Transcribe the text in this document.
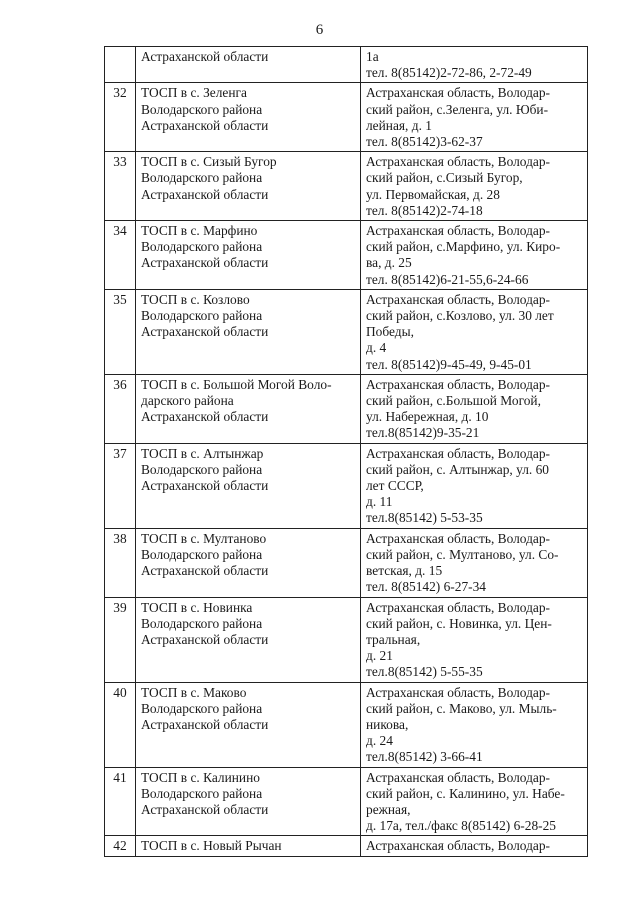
6

	Астраханской области	1а
тел. 8(85142)2-72-86, 2-72-49

32	ТОСП в с. Зеленга
Володарского района
Астраханской области	Астраханская область, Володар-
ский район, с.Зеленга, ул. Юби-
лейная, д. 1
тел. 8(85142)3-62-37

33	ТОСП в с. Сизый Бугор
Володарского района
Астраханской области	Астраханская область, Володар-
ский район, с.Сизый Бугор,
ул. Первомайская, д. 28
тел. 8(85142)2-74-18

34	ТОСП в с. Марфино
Володарского района
Астраханской области	Астраханская область, Володар-
ский район, с.Марфино, ул. Киро-
ва, д. 25
тел. 8(85142)6-21-55,6-24-66

35	ТОСП в с. Козлово
Володарского района
Астраханской области	Астраханская область, Володар-
ский район, с.Козлово, ул. 30 лет
Победы,
д. 4
тел. 8(85142)9-45-49, 9-45-01

36	ТОСП в с. Большой Могой Воло-
дарского района
Астраханской области	Астраханская область, Володар-
ский район, с.Большой Могой,
ул. Набережная, д. 10
тел.8(85142)9-35-21

37	ТОСП в с. Алтынжар
Володарского района
Астраханской области	Астраханская область, Володар-
ский район, с. Алтынжар, ул. 60
лет СССР,
д. 11
тел.8(85142) 5-53-35

38	ТОСП в с. Мултаново
Володарского района
Астраханской области	Астраханская область, Володар-
ский район, с. Мултаново, ул. Со-
ветская, д. 15
тел. 8(85142) 6-27-34

39	ТОСП в с. Новинка
Володарского района
Астраханской области	Астраханская область, Володар-
ский район, с. Новинка, ул. Цен-
тральная,
д. 21
тел.8(85142) 5-55-35

40	ТОСП в с. Маково
Володарского района
Астраханской области	Астраханская область, Володар-
ский район, с. Маково, ул. Мыль-
никова,
д. 24
тел.8(85142) 3-66-41

41	ТОСП в с. Калинино
Володарского района
Астраханской области	Астраханская область, Володар-
ский район, с. Калинино, ул. Набе-
режная,
д. 17а, тел./факс 8(85142) 6-28-25

42	ТОСП в с. Новый Рычан	Астраханская область, Володар-
